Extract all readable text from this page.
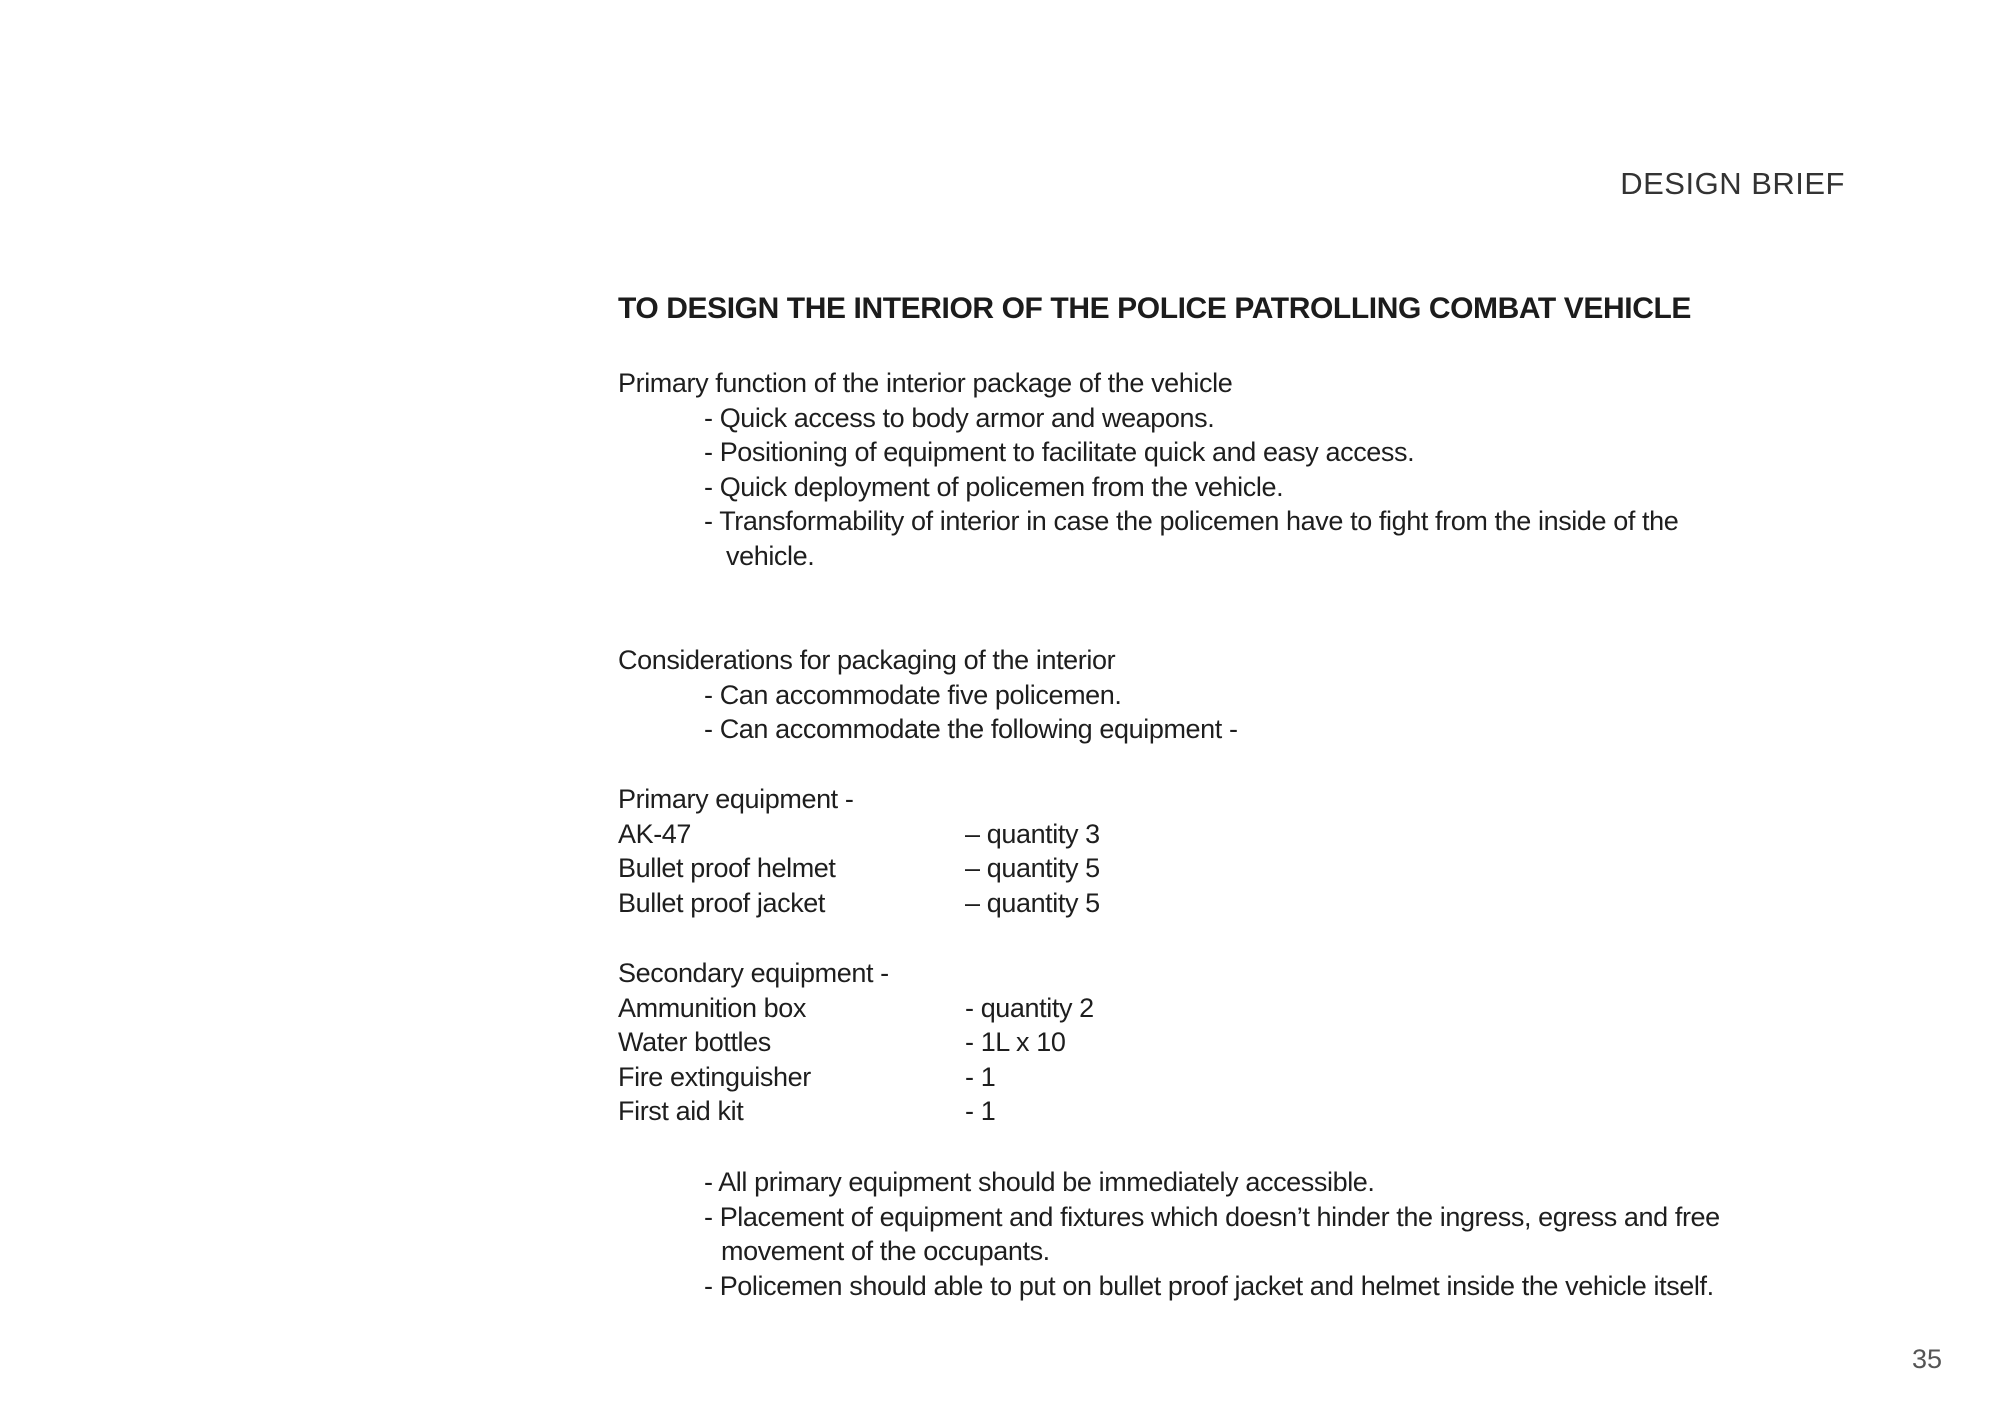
DESIGN BRIEF
TO DESIGN THE INTERIOR OF THE POLICE PATROLLING COMBAT VEHICLE
Primary function of the interior package of the vehicle
- Quick access to body armor and weapons.
- Positioning of equipment to facilitate quick and easy access.
- Quick deployment of policemen from the vehicle.
- Transformability of interior in case the policemen have to fight from the inside of the
vehicle.
Considerations for packaging of the interior
- Can accommodate five policemen.
- Can accommodate the following equipment -
Primary equipment -
AK-47	– quantity 3
Bullet proof helmet	– quantity 5
Bullet proof jacket	– quantity 5
Secondary equipment -
Ammunition box	- quantity 2
Water bottles	- 1L x 10
Fire extinguisher	- 1
First aid kit	- 1
- All primary equipment should be immediately accessible.
- Placement of equipment and fixtures which doesn’t hinder the ingress, egress and free
movement of the occupants.
- Policemen should able to put on bullet proof jacket and helmet inside the vehicle itself.
35
